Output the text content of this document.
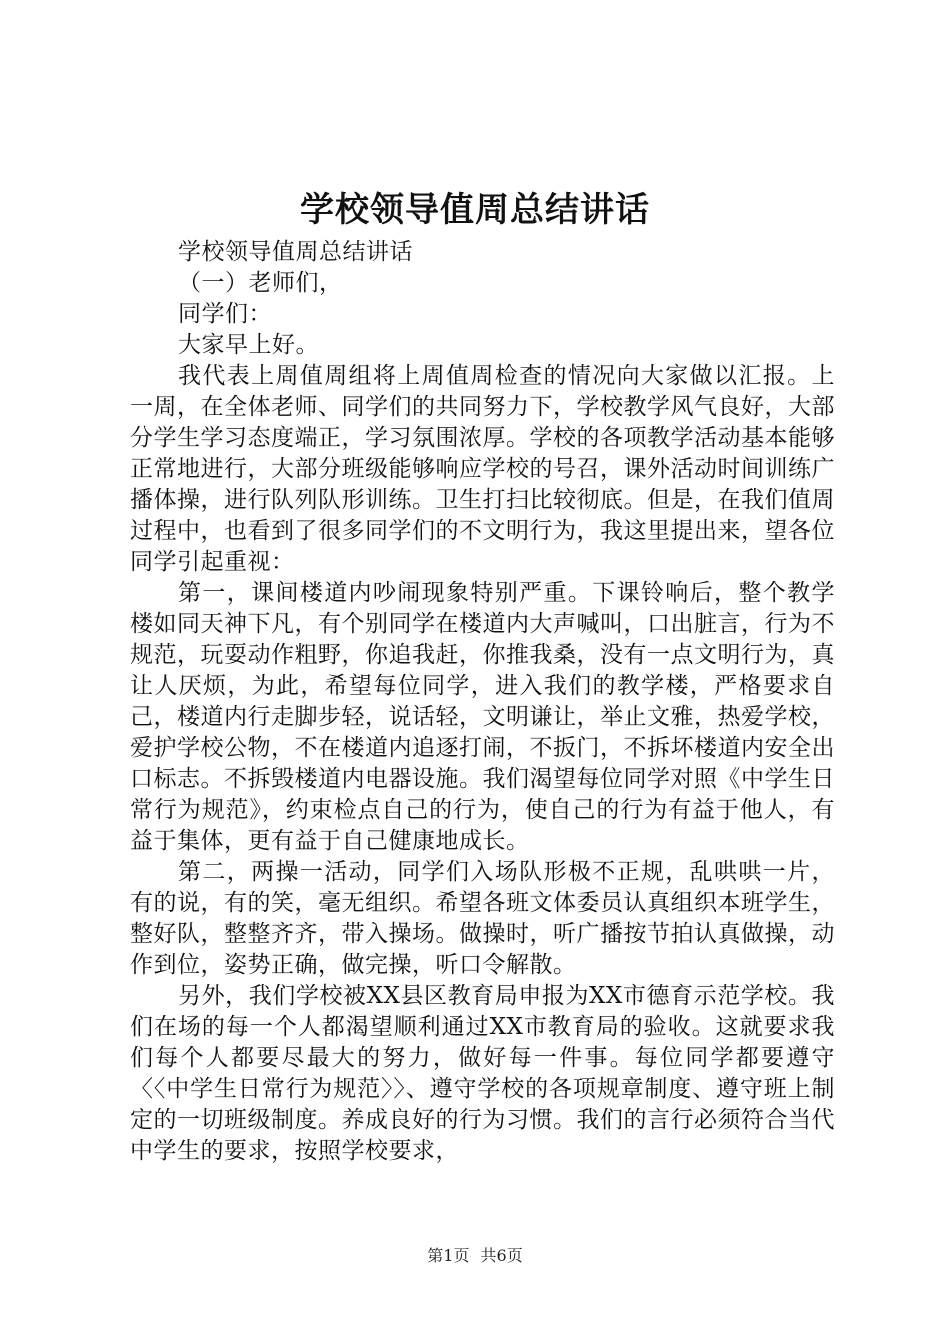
学校领导值周总结讲话

学校领导值周总结讲话

（一）老师们，

同学们：

大家早上好。

我代表上周值周组将上周值周检查的情况向大家做以汇报。上一周，在全体老师、同学们的共同努力下，学校教学风气良好，大部分学生学习态度端正，学习氛围浓厚。学校的各项教学活动基本能够正常地进行，大部分班级能够响应学校的号召，课外活动时间训练广播体操，进行队列队形训练。卫生打扫比较彻底。但是，在我们值周过程中，也看到了很多同学们的不文明行为，我这里提出来，望各位同学引起重视：

第一，课间楼道内吵闹现象特别严重。下课铃响后，整个教学楼如同天神下凡，有个别同学在楼道内大声喊叫，口出脏言，行为不规范，玩耍动作粗野，你追我赶，你推我桑，没有一点文明行为，真让人厌烦，为此，希望每位同学，进入我们的教学楼，严格要求自己，楼道内行走脚步轻，说话轻，文明谦让，举止文雅，热爱学校，爱护学校公物，不在楼道内追逐打闹，不扳门，不拆坏楼道内安全出口标志。不拆毁楼道内电器设施。我们渴望每位同学对照《中学生日常行为规范》，约束检点自己的行为，使自己的行为有益于他人，有益于集体，更有益于自己健康地成长。

第二，两操一活动，同学们入场队形极不正规，乱哄哄一片，有的说，有的笑，毫无组织。希望各班文体委员认真组织本班学生，整好队，整整齐齐，带入操场。做操时，听广播按节拍认真做操，动作到位，姿势正确，做完操，听口令解散。

另外，我们学校被XX县区教育局申报为XX市德育示范学校。我们在场的每一个人都渴望顺利通过XX市教育局的验收。这就要求我们每个人都要尽最大的努力，做好每一件事。每位同学都要遵守〈〈中学生日常行为规范〉〉、遵守学校的各项规章制度、遵守班上制定的一切班级制度。养成良好的行为习惯。我们的言行必须符合当代中学生的要求，按照学校要求，

第1页 共6页
